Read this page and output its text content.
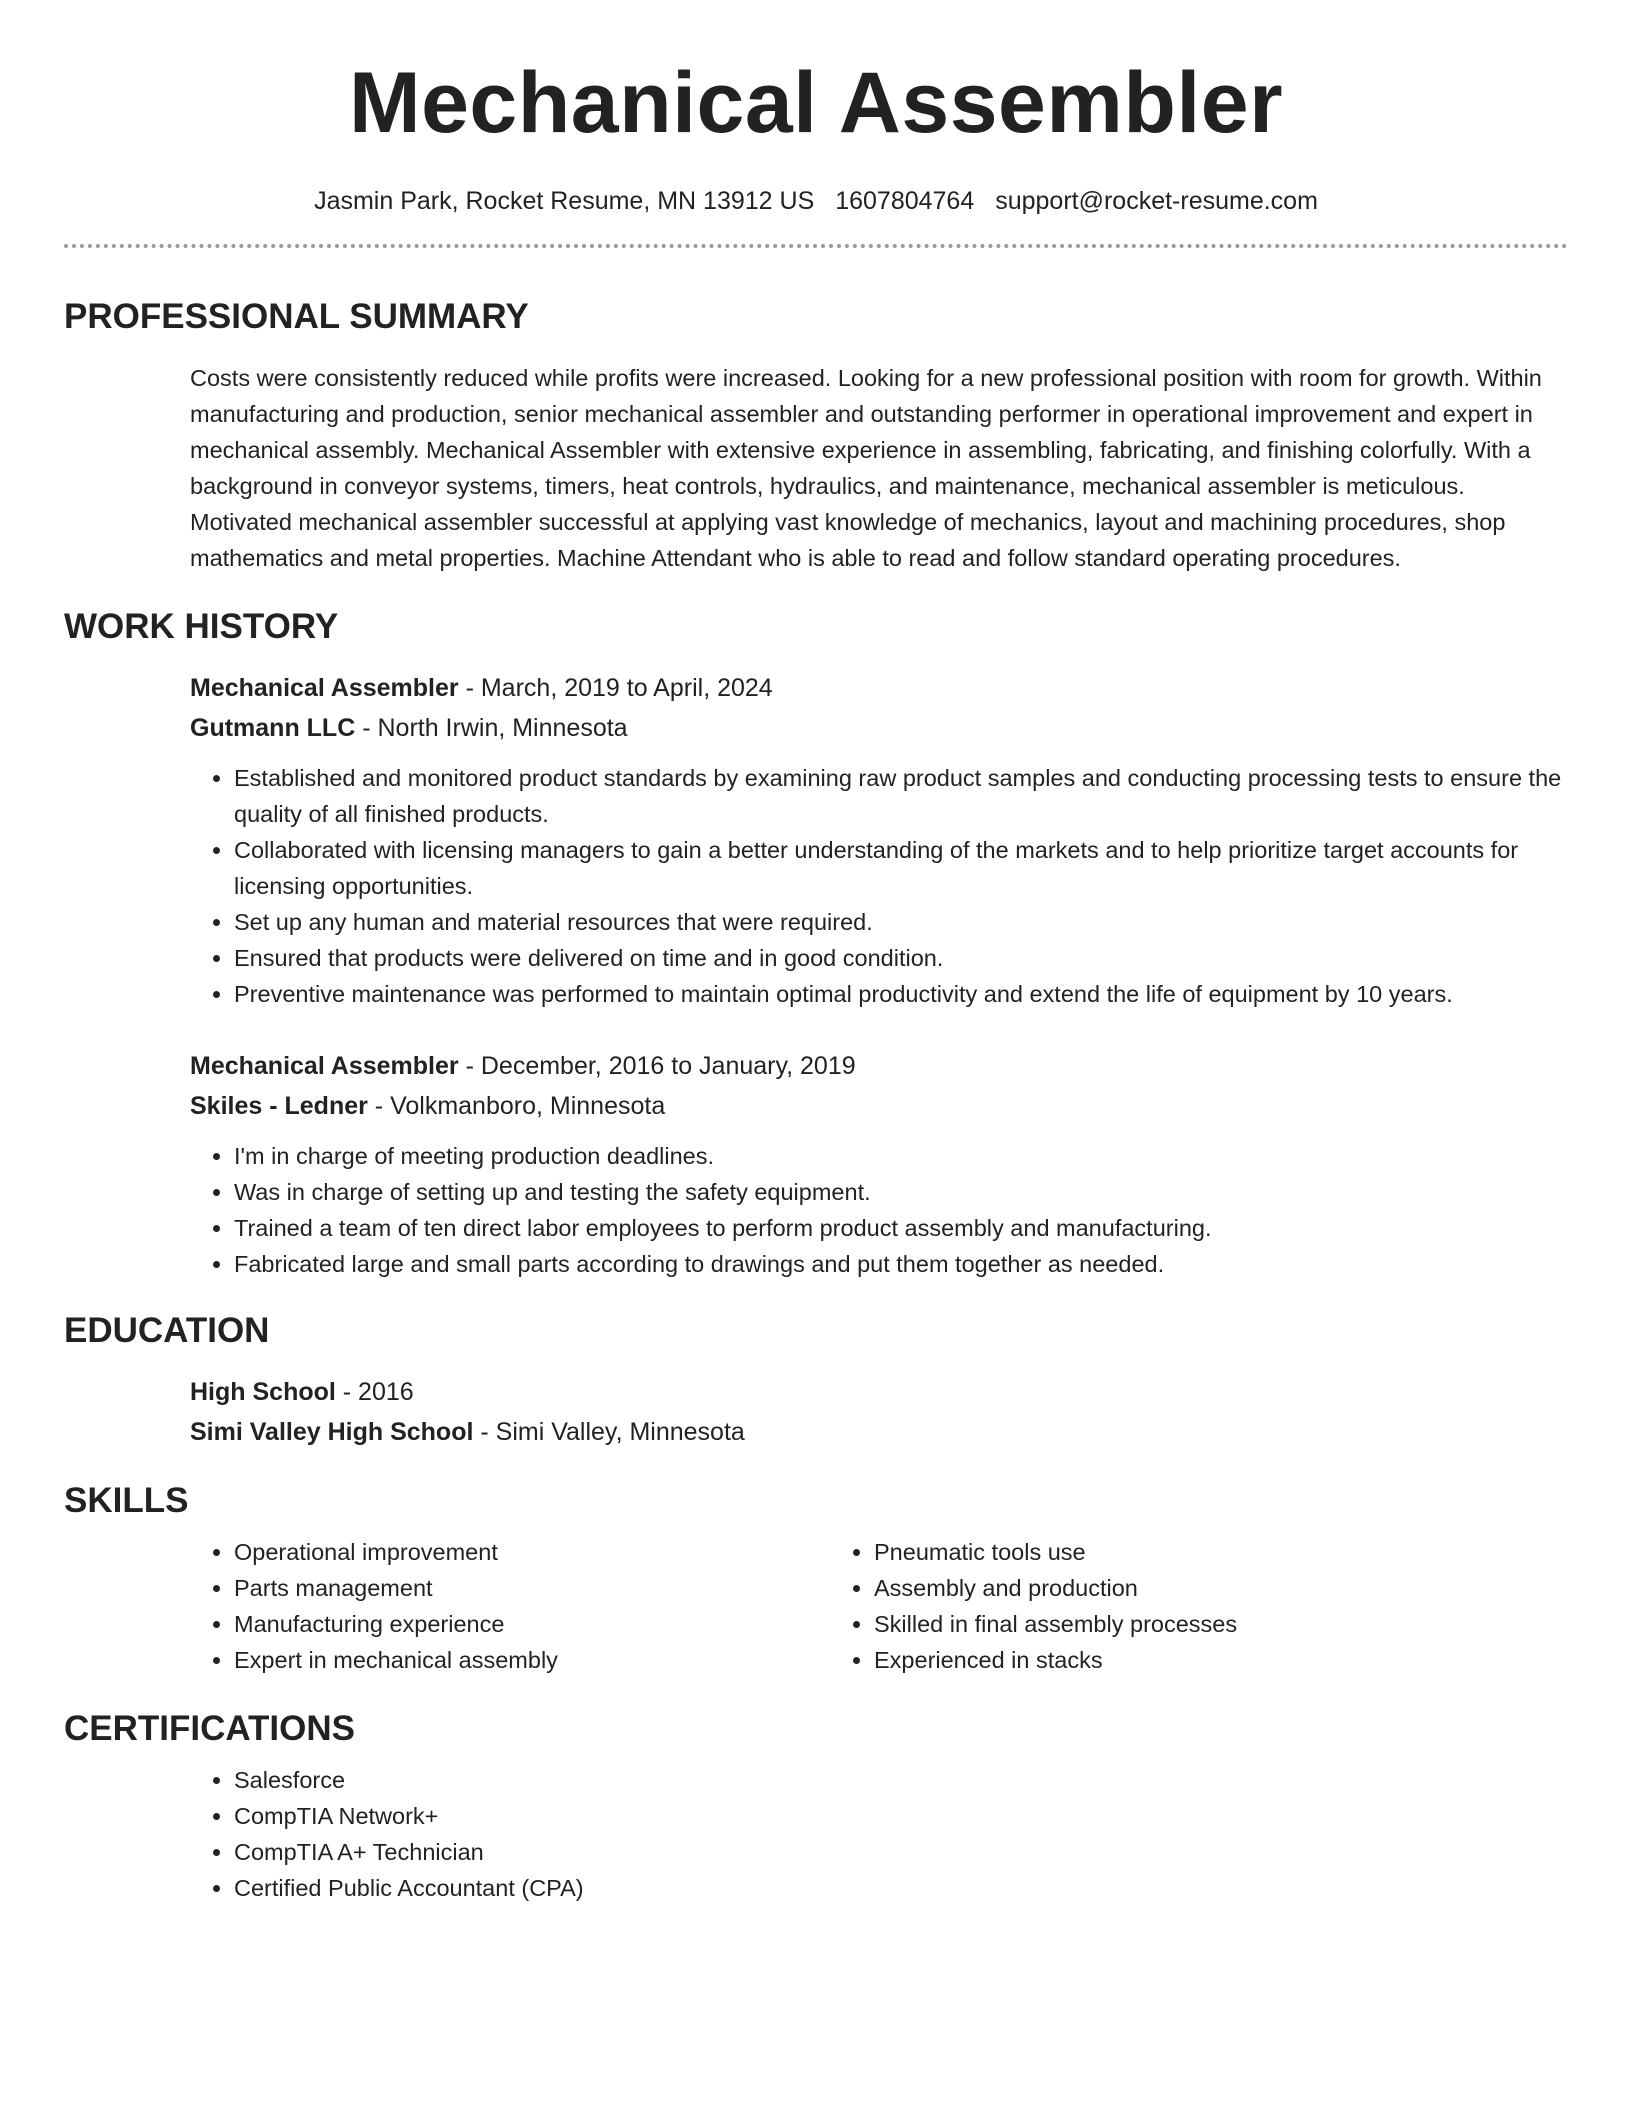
Mechanical Assembler
Jasmin Park, Rocket Resume, MN 13912 US 1607804764 support@rocket-resume.com
PROFESSIONAL SUMMARY
Costs were consistently reduced while profits were increased. Looking for a new professional position with room for growth. Within manufacturing and production, senior mechanical assembler and outstanding performer in operational improvement and expert in mechanical assembly. Mechanical Assembler with extensive experience in assembling, fabricating, and finishing colorfully. With a background in conveyor systems, timers, heat controls, hydraulics, and maintenance, mechanical assembler is meticulous. Motivated mechanical assembler successful at applying vast knowledge of mechanics, layout and machining procedures, shop mathematics and metal properties. Machine Attendant who is able to read and follow standard operating procedures.
WORK HISTORY
Mechanical Assembler - March, 2019 to April, 2024
Gutmann LLC - North Irwin, Minnesota
• Established and monitored product standards by examining raw product samples and conducting processing tests to ensure the quality of all finished products.
• Collaborated with licensing managers to gain a better understanding of the markets and to help prioritize target accounts for licensing opportunities.
• Set up any human and material resources that were required.
• Ensured that products were delivered on time and in good condition.
• Preventive maintenance was performed to maintain optimal productivity and extend the life of equipment by 10 years.
Mechanical Assembler - December, 2016 to January, 2019
Skiles - Ledner - Volkmanboro, Minnesota
• I'm in charge of meeting production deadlines.
• Was in charge of setting up and testing the safety equipment.
• Trained a team of ten direct labor employees to perform product assembly and manufacturing.
• Fabricated large and small parts according to drawings and put them together as needed.
EDUCATION
High School - 2016
Simi Valley High School - Simi Valley, Minnesota
SKILLS
• Operational improvement
• Parts management
• Manufacturing experience
• Expert in mechanical assembly
• Pneumatic tools use
• Assembly and production
• Skilled in final assembly processes
• Experienced in stacks
CERTIFICATIONS
• Salesforce
• CompTIA Network+
• CompTIA A+ Technician
• Certified Public Accountant (CPA)
